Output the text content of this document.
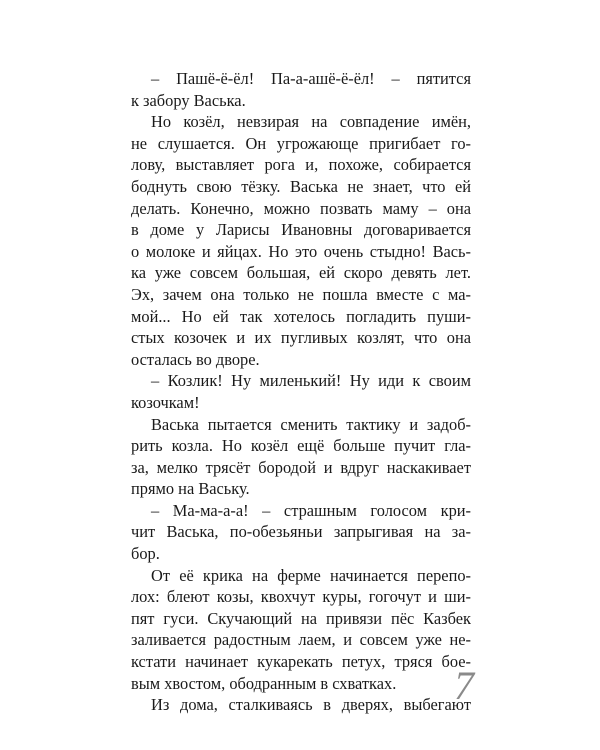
– Пашё-ё-ёл! Па-а-ашё-ё-ёл! – пятится
к забору Васька.
Но козёл, невзирая на совпадение имён,
не слушается. Он угрожающе пригибает го-
лову, выставляет рога и, похоже, собирается
боднуть свою тёзку. Васька не знает, что ей
делать. Конечно, можно позвать маму – она
в доме у Ларисы Ивановны договаривается
о молоке и яйцах. Но это очень стыдно! Вась-
ка уже совсем большая, ей скоро девять лет.
Эх, зачем она только не пошла вместе с ма-
мой... Но ей так хотелось погладить пуши-
стых козочек и их пугливых козлят, что она
осталась во дворе.
– Козлик! Ну миленький! Ну иди к своим
козочкам!
Васька пытается сменить тактику и задоб-
рить козла. Но козёл ещё больше пучит гла-
за, мелко трясёт бородой и вдруг наскакивает
прямо на Ваську.
– Ма-ма-а-а! – страшным голосом кри-
чит Васька, по-обезьяньи запрыгивая на за-
бор.
От её крика на ферме начинается перепо-
лох: блеют козы, квохчут куры, гогочут и ши-
пят гуси. Скучающий на привязи пёс Казбек
заливается радостным лаем, и совсем уже не-
кстати начинает кукарекать петух, тряся бое-
вым хвостом, ободранным в схватках.
Из дома, сталкиваясь в дверях, выбегают
7
